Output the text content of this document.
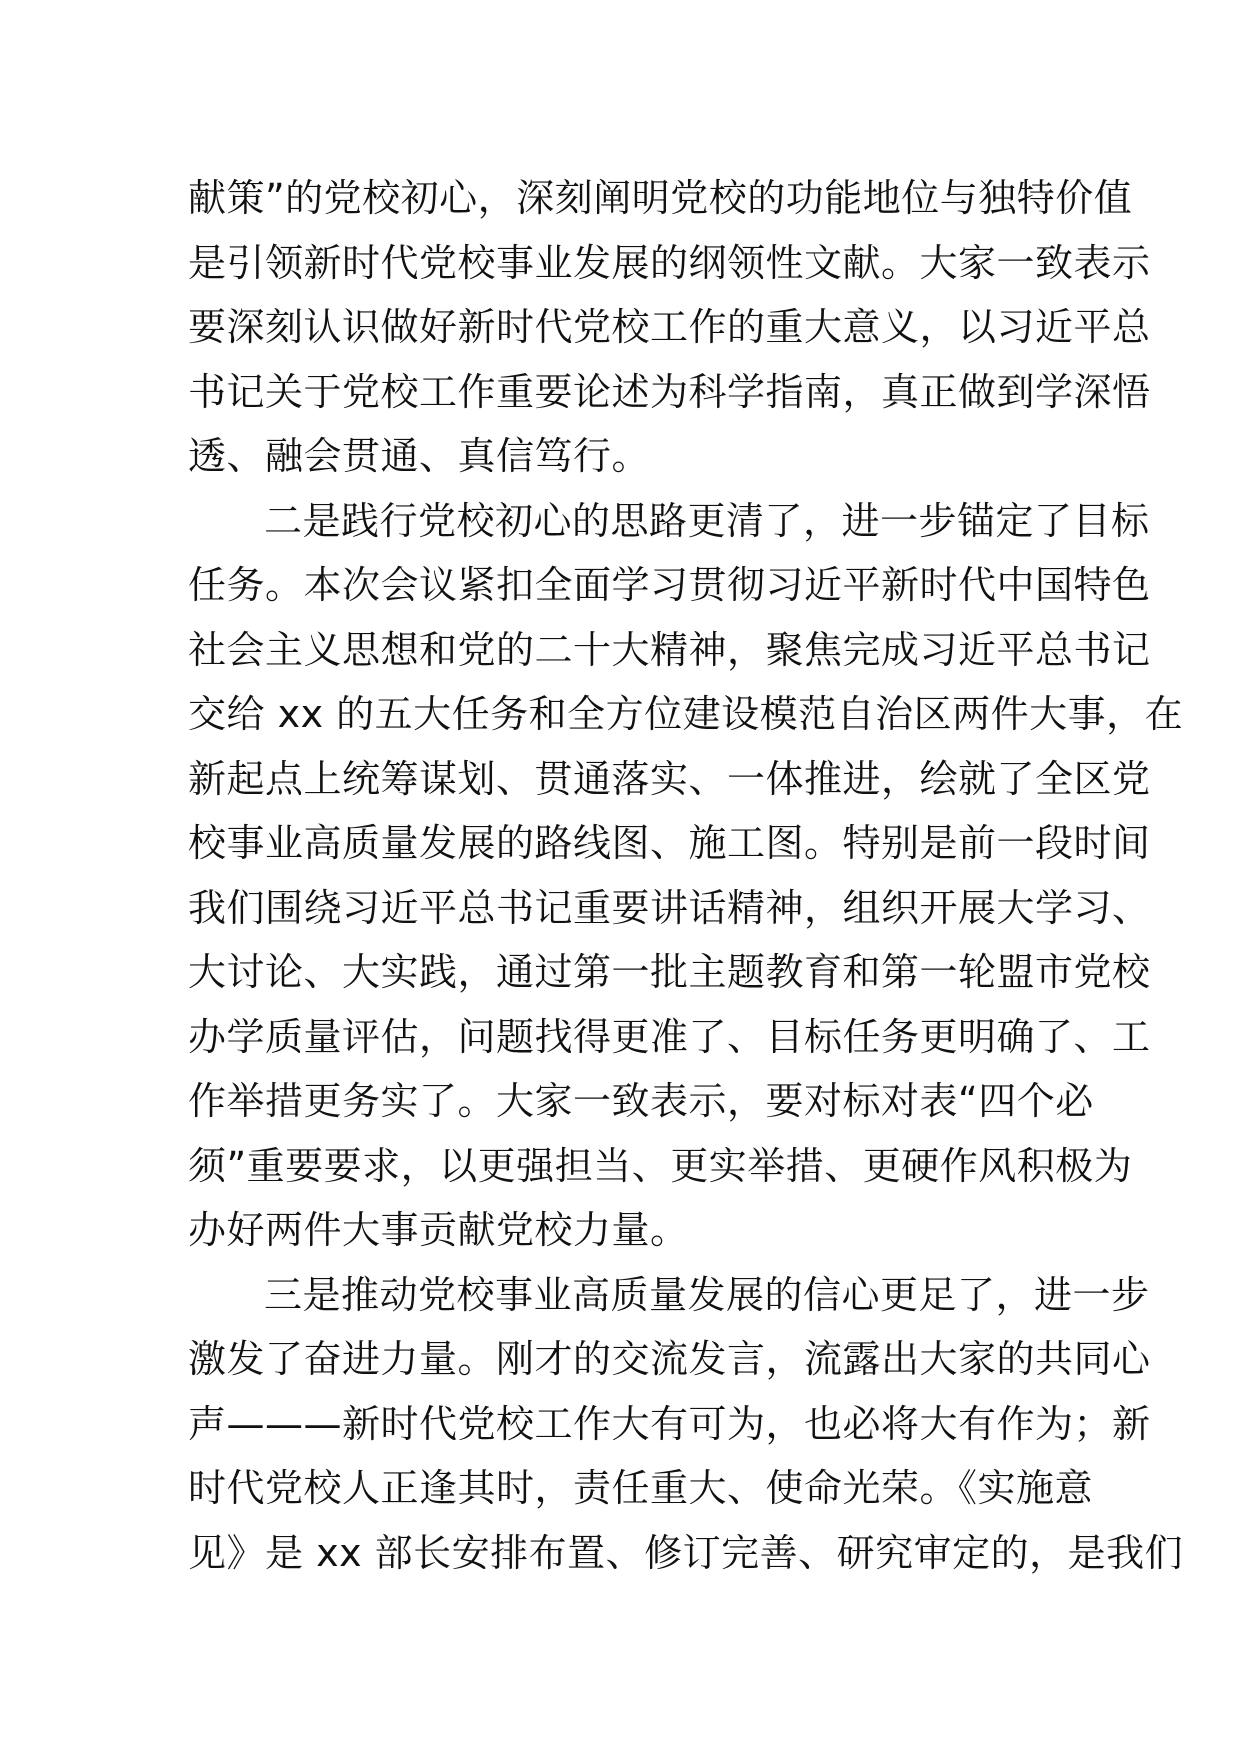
献策”的党校初心，深刻阐明党校的功能地位与独特价值
是引领新时代党校事业发展的纲领性文献。大家一致表示
要深刻认识做好新时代党校工作的重大意义，以习近平总
书记关于党校工作重要论述为科学指南，真正做到学深悟
透、融会贯通、真信笃行。
二是践行党校初心的思路更清了，进一步锚定了目标
任务。本次会议紧扣全面学习贯彻习近平新时代中国特色
社会主义思想和党的二十大精神，聚焦完成习近平总书记
交给 xx 的五大任务和全方位建设模范自治区两件大事，在
新起点上统筹谋划、贯通落实、一体推进，绘就了全区党
校事业高质量发展的路线图、施工图。特别是前一段时间
我们围绕习近平总书记重要讲话精神，组织开展大学习、
大讨论、大实践，通过第一批主题教育和第一轮盟市党校
办学质量评估，问题找得更准了、目标任务更明确了、工
作举措更务实了。大家一致表示，要对标对表“四个必
须”重要要求，以更强担当、更实举措、更硬作风积极为
办好两件大事贡献党校力量。
三是推动党校事业高质量发展的信心更足了，进一步
激发了奋进力量。刚才的交流发言，流露出大家的共同心
声———新时代党校工作大有可为，也必将大有作为；新
时代党校人正逢其时，责任重大、使命光荣。《实施意
见》是 xx 部长安排布置、修订完善、研究审定的，是我们
